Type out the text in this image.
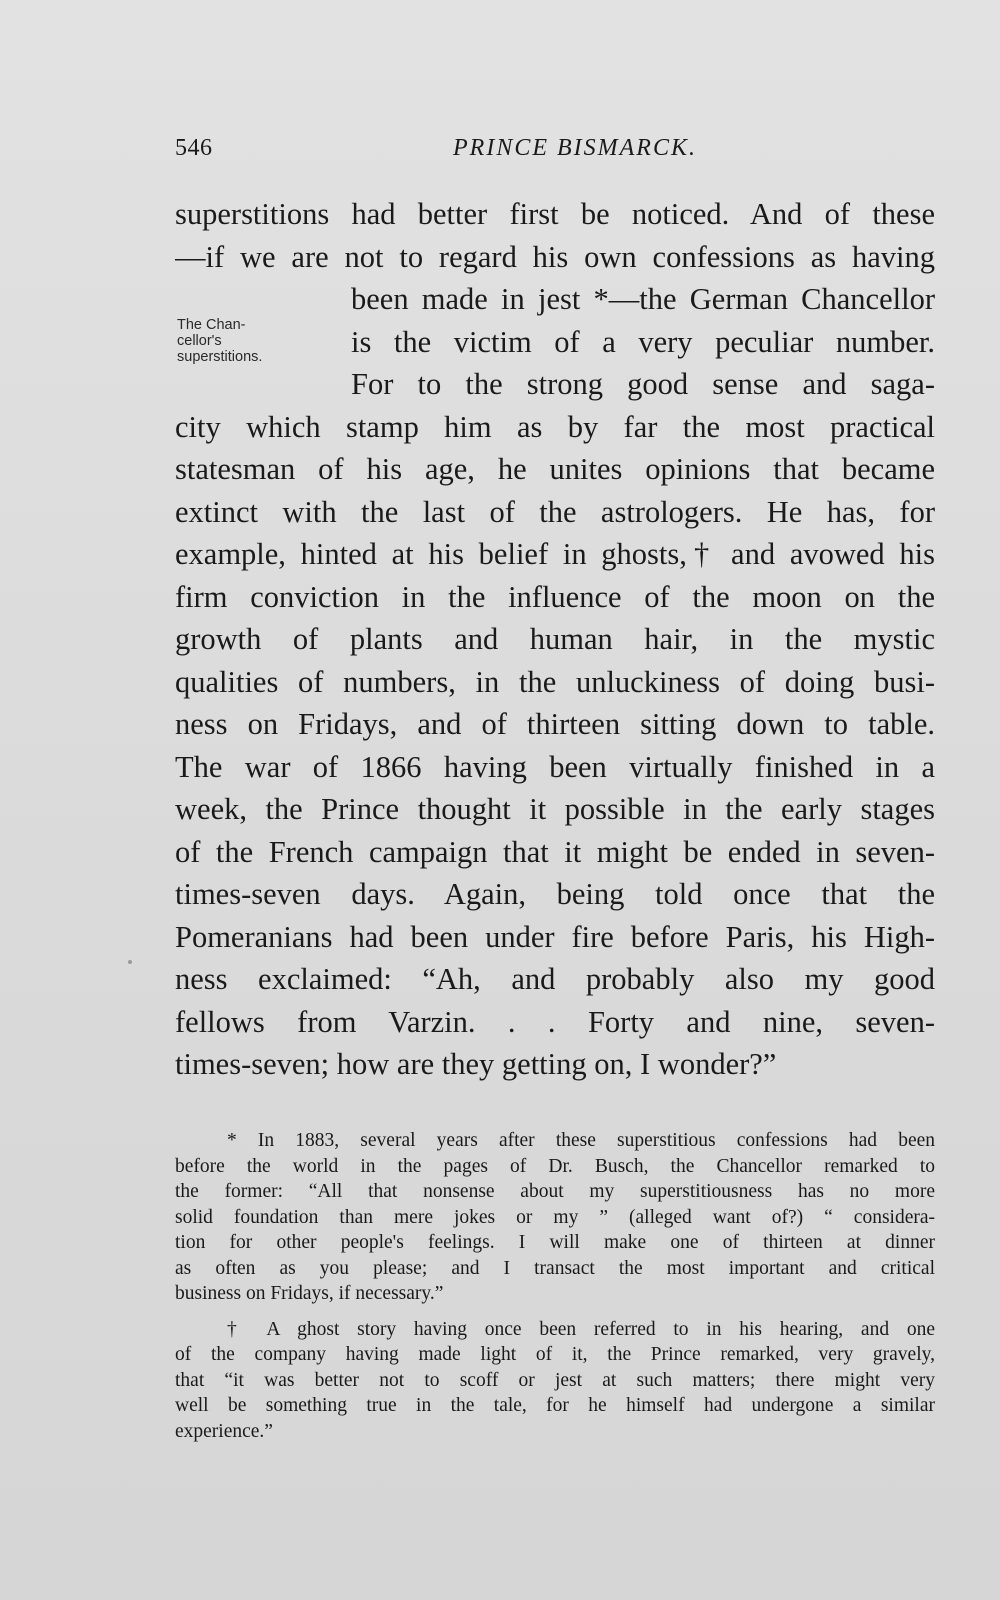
546	PRINCE BISMARCK.
The Chan-
cellor's
superstitions.
superstitions had better first be noticed. And of these
—if we are not to regard his own confessions as having
been made in jest *—the German Chancellor
is the victim of a very peculiar number.
For to the strong good sense and saga-
city which stamp him as by far the most practical
statesman of his age, he unites opinions that became
extinct with the last of the astrologers. He has, for
example, hinted at his belief in ghosts,† and avowed his
firm conviction in the influence of the moon on the
growth of plants and human hair, in the mystic
qualities of numbers, in the unluckiness of doing busi-
ness on Fridays, and of thirteen sitting down to table.
The war of 1866 having been virtually finished in a
week, the Prince thought it possible in the early stages
of the French campaign that it might be ended in seven-
times-seven days. Again, being told once that the
Pomeranians had been under fire before Paris, his High-
ness exclaimed: “Ah, and probably also my good
fellows from Varzin. . . Forty and nine, seven-
times-seven; how are they getting on, I wonder?”
* In 1883, several years after these superstitious confessions had been
before the world in the pages of Dr. Busch, the Chancellor remarked to
the former: “All that nonsense about my superstitiousness has no more
solid foundation than mere jokes or my ” (alleged want of?) “ considera-
tion for other people's feelings. I will make one of thirteen at dinner
as often as you please; and I transact the most important and critical
business on Fridays, if necessary.”
† A ghost story having once been referred to in his hearing, and one
of the company having made light of it, the Prince remarked, very gravely,
that “it was better not to scoff or jest at such matters; there might very
well be something true in the tale, for he himself had undergone a similar
experience.”
